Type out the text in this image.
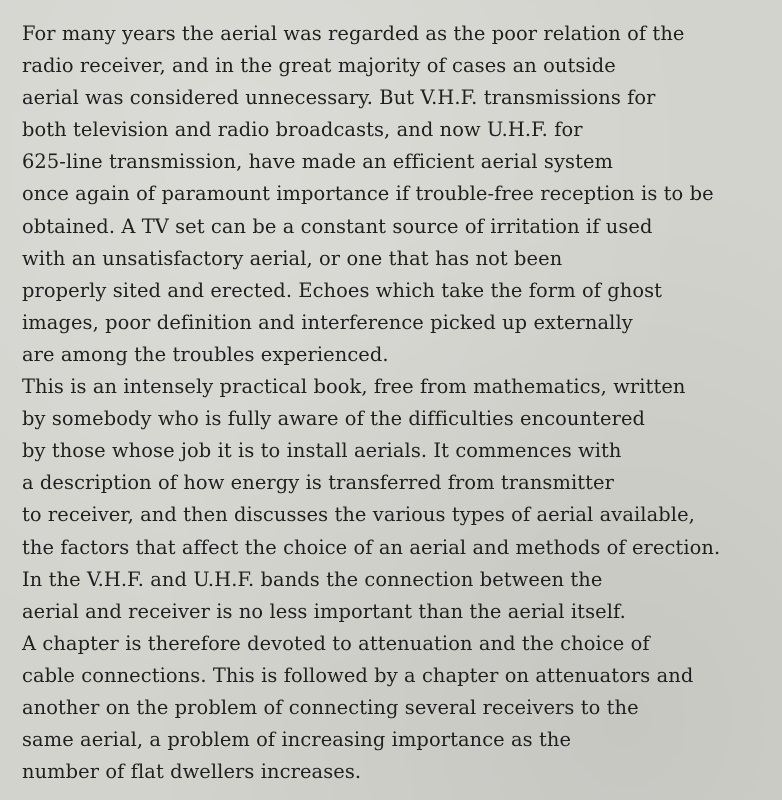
For many years the aerial was regarded as the poor relation of the
radio receiver, and in the great majority of cases an outside
aerial was considered unnecessary. But V.H.F. transmissions for
both television and radio broadcasts, and now U.H.F. for
625-line transmission, have made an efficient aerial system
once again of paramount importance if trouble-free reception is to be
obtained. A TV set can be a constant source of irritation if used
with an unsatisfactory aerial, or one that has not been
properly sited and erected. Echoes which take the form of ghost
images, poor definition and interference picked up externally
are among the troubles experienced.
This is an intensely practical book, free from mathematics, written
by somebody who is fully aware of the difficulties encountered
by those whose job it is to install aerials. It commences with
a description of how energy is transferred from transmitter
to receiver, and then discusses the various types of aerial available,
the factors that affect the choice of an aerial and methods of erection.
In the V.H.F. and U.H.F. bands the connection between the
aerial and receiver is no less important than the aerial itself.
A chapter is therefore devoted to attenuation and the choice of
cable connections. This is followed by a chapter on attenuators and
another on the problem of connecting several receivers to the
same aerial, a problem of increasing importance as the
number of flat dwellers increases.
